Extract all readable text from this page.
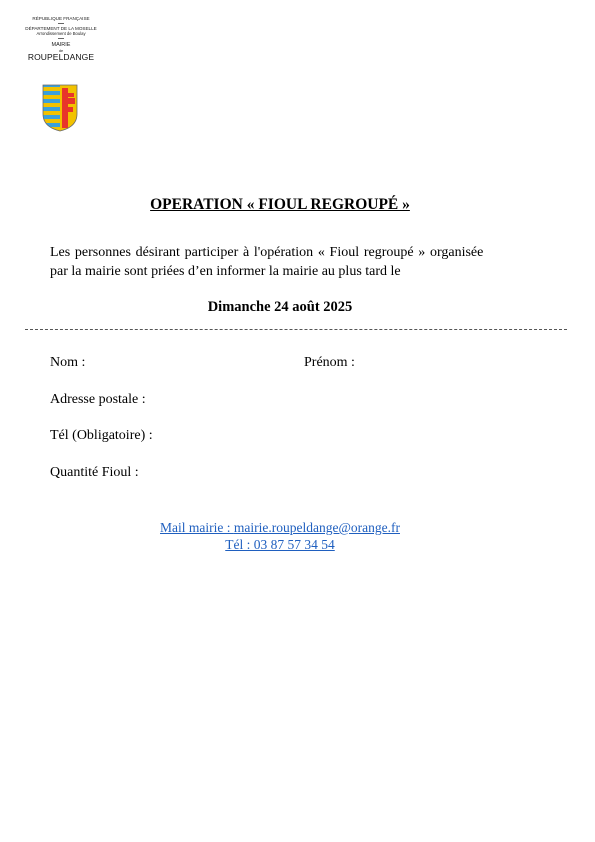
RÉPUBLIQUE FRANÇAISE
DÉPARTEMENT DE LA MOSELLE
Arrondissement de Boulay
MAIRIE
de
ROUPELDANGE
OPERATION « FIOUL REGROUPÉ »
Les personnes désirant participer à l'opération « Fioul regroupé » organisée
par la mairie sont priées d’en informer la mairie au plus tard le
Dimanche 24 août 2025
Nom :	Prénom :
Adresse postale :
Tél (Obligatoire) :
Quantité Fioul :
Mail mairie : mairie.roupeldange@orange.fr
Tél : 03 87 57 34 54
